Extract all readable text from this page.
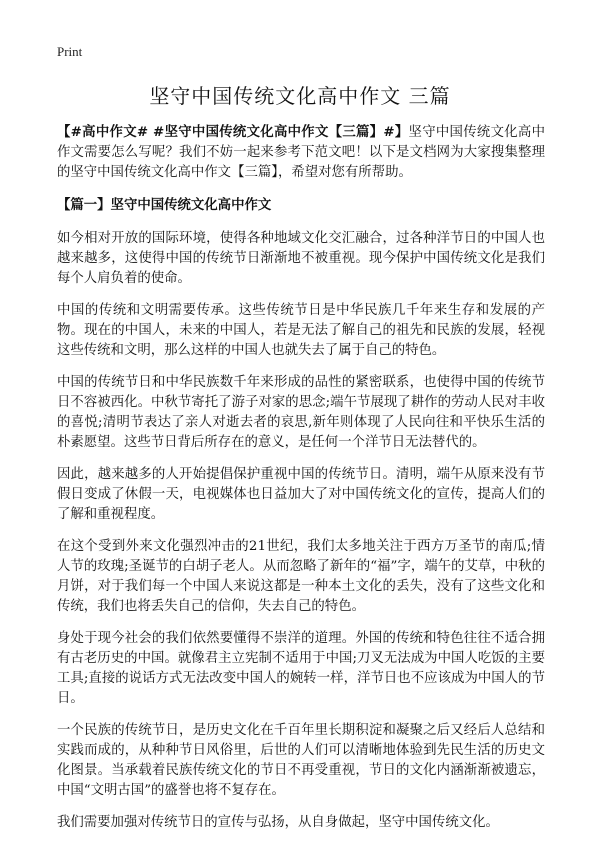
Print
坚守中国传统文化高中作文 三篇

【#高中作文# #坚守中国传统文化高中作文【三篇】#】坚守中国传统文化高中作文需要怎么写呢？我们不妨一起来参考下范文吧！以下是文档网为大家搜集整理的坚守中国传统文化高中作文【三篇】，希望对您有所帮助。

【篇一】坚守中国传统文化高中作文

如今相对开放的国际环境，使得各种地域文化交汇融合，过各种洋节日的中国人也越来越多，这使得中国的传统节日渐渐地不被重视。现今保护中国传统文化是我们每个人肩负着的使命。

中国的传统和文明需要传承。这些传统节日是中华民族几千年来生存和发展的产物。现在的中国人，未来的中国人，若是无法了解自己的祖先和民族的发展，轻视这些传统和文明，那么这样的中国人也就失去了属于自己的特色。

中国的传统节日和中华民族数千年来形成的品性的紧密联系，也使得中国的传统节日不容被西化。中秋节寄托了游子对家的思念;端午节展现了耕作的劳动人民对丰收的喜悦;清明节表达了亲人对逝去者的哀思,新年则体现了人民向往和平快乐生活的朴素愿望。这些节日背后所存在的意义，是任何一个洋节日无法替代的。

因此，越来越多的人开始提倡保护重视中国的传统节日。清明，端午从原来没有节假日变成了休假一天，电视媒体也日益加大了对中国传统文化的宣传，提高人们的了解和重视程度。

在这个受到外来文化强烈冲击的21世纪，我们太多地关注于西方万圣节的南瓜;情人节的玫瑰;圣诞节的白胡子老人。从而忽略了新年的“福”字，端午的艾草，中秋的月饼，对于我们每一个中国人来说这都是一种本土文化的丢失，没有了这些文化和传统，我们也将丢失自己的信仰，失去自己的特色。

身处于现今社会的我们依然要懂得不崇洋的道理。外国的传统和特色往往不适合拥有古老历史的中国。就像君主立宪制不适用于中国;刀叉无法成为中国人吃饭的主要工具;直接的说话方式无法改变中国人的婉转一样，洋节日也不应该成为中国人的节日。

一个民族的传统节日，是历史文化在千百年里长期积淀和凝聚之后又经后人总结和实践而成的，从种种节日风俗里，后世的人们可以清晰地体验到先民生活的历史文化图景。当承载着民族传统文化的节日不再受重视，节日的文化内涵渐渐被遗忘，中国“文明古国”的盛誉也将不复存在。

我们需要加强对传统节日的宣传与弘扬，从自身做起，坚守中国传统文化。
